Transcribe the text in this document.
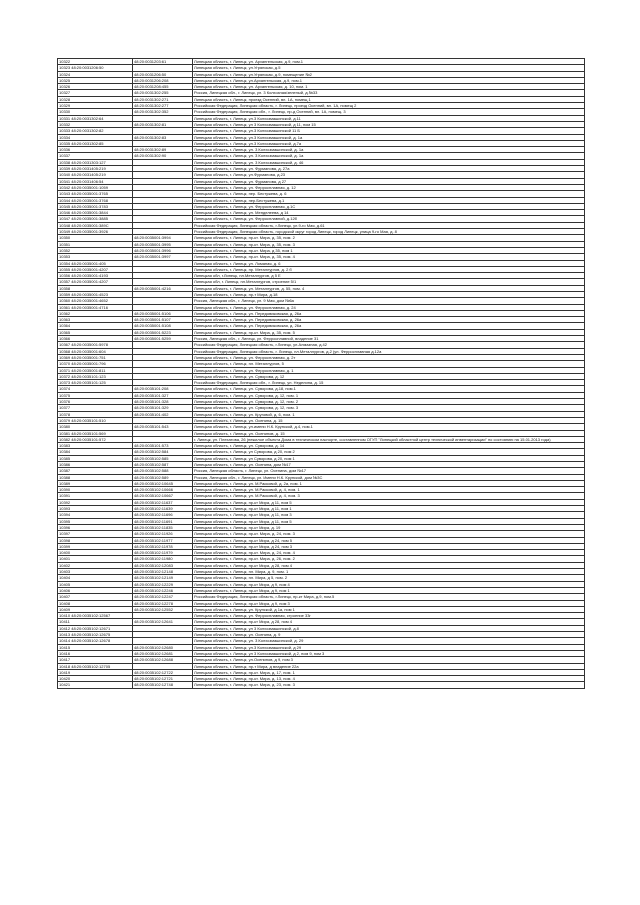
10322	48:20:0031203:61	Липецкая область, г. Липецк, ул. Архангельская, д.9, пом.1
10323 48:20:0031206:50		Липецкая область, г. Липецк, ул.Угрянская, д.5
10324	48:20:0031206:50	Липецкая область, г. Липецк, ул.Угрянская, д.9, помещение №2
10325	48:20:0031206:208	Липецкая область, г. Липецк, ул.Архангельская, д.9, пом.1
10326	48:20:0031208:455	Липецкая область, г. Липецк, ул. Архангельская, д. 10, пом. 1
10327	48:20:0031302:255	Россия, Липецкая обл., г. Липецк, ул. 3 Колхозная/зеленый, д.№33
10328	48:20:0031302:271	Липецкая область, г. Липецк, проезд Осенний, вл. 1А, помещ 1
10329	48:20:0031302:277	Российская Федерация, Липецкая область, г. Липецк, проезд Осенний, вл. 1А, помещ 2
10330	48:20:0031302:352	Российская Федерация, Липецкая обл., г. Липецк, пр-д Осенний, вл. 1А, помещ. 3
10331 48:20:0031302:64		Липецкая область, г. Липецк, ул.3 Колхозмашинской, д.11
10332	48:20:0031302:81	Липецкая область, г. Липецк, ул 3 Колхозмашинской, д 11, пом 15
10333 48:20:0031302:82		Липецкая область, г. Липецк, ул.3 Колхозмашинской 11 Б
10334	48:20:0031302:83	Липецкая область, г. Липецк, ул.3 Колхозмашинской, д. 1а
10335 48:20:0031302:85		Липецкая область, г. Липецк, ул.3 Колхозмашинской, д.7а
10336	48:20:0031302:89	Липецкая область, г. Липецк, ул. 3 Колхозмашинской, д. 1а
10337	48:20:0031302:90	Липецкая область, г. Липецк, ул. 3 Колхозмашинской, д. 1а
10338 48:20:0031303:127		Липецкая область, г. Липецк, ул. 3 Колхозмашинской, д. 46
10339 48:20:0031405:219		Липецкая область, г. Липецк, ул. Фурманова, д. 27а
10340 48:20:0031405:219		Липецкая область, г. Липецк, ул.Фурманова, д.23
10341 48:20:0031406:54		Липецкая область, г. Липецк, ул. Фурманова, д 27
10342 48:20:0035001:1059		Липецкая область, г. Липецк, ул. Ферросплавная, д. 12
10343 48:20:0035001:3765		Липецкая область, г. Липецк, пер. Бестужева, д. 6
10344 48:20:0035001:3768		Липецкая область, г. Липецк, пер.Бестужева, д.1
10345 48:20:0035001:3783		Липецкая область, г. Липецк, ул. Ферросплавная, д.1С
10346 48:20:0035001:3844		Липецкая область, г. Липецк, ул. Менделеева, д 14
10347 48:20:0035001:3885		Липецкая область, г. Липецк, ул. Ферросплавной, д.12б
10348 48:20:0035001:389С		Российская Федерация, Липецкая область, г.Липецк, ул.9-го Мая, д.61
10349 48:20:0035001:3926		Российская Федерация, Липецкая область, городской округ город Липецк, город Липецк, улица 9-го Мая, д. 8
10350	48:20:0035001:3994	Липецкая область, г. Липецк, пр-кт. Мира, д. 35, пом. 2
10351	48:20:0035001:3995	Липецкая область, г. Липецк, пр-кт. Мира, д. 35, пом. 3
10352	48:20:0035001:3996	Липецкая область, г. Липецк, пр-кт. Мира, д 35, пом 1
10353	48:20:0035001:3997	Липецкая область, г. Липецк, пр-кт. Мира, д. 35, пом. 4
10354 48:20:0035001:405		Липецкая область, г. Липецк, ул. Ломаная, д. 6
10355 48:20:0035001:4207		Липецкая область, г. Липецк, пр. Металлургов, д. 2 б
10356 48:20:0035001:4193		Липецкая обл, г.Липецк, пл.Металлургов, д 5 Е
10357 48:20:0035001:4207		Липецкая обл, г. Липецк, пл.Металлургов, строение 5/1
10358	48:20:0035001:4216	Липецкая область, г. Липецк, ул. Металлургов, д. 55, пом. 4
10359 48:20:0035001:4523		Липецкая область, г. Липецк, пр-т Мира, д.18
10360 48:20:0035001:4652		Россия, Липецкая обл., г. Липецк, ул. 9 Мая, дом №6а
10361 48:20:0035001:4716		Липецкая область, г. Липецк, ул. Ферросплавная, д. 24
10362	48:20:0035001:5106	Липецкая область, г. Липецк, ул. Передовиковская, д. 26а
10363	48:20:0035001:5107	Липецкая область, г. Липецк, ул. Передовиковская, д. 26а
10364	48:20:0035001:5108	Липецкая область, г. Липецк, ул. Передовиковская, д. 26а
10365	48:20:0035001:5223	Липецкая область, г. Липецк, пр-кт. Мира, д. 35, пом. 5
10366	48:20:0035001:5259	Россия, Липецкая обл., г. Липецк, ул. Ферросплавной, владение 31
10367 48:20:0035001:5978		Российская Федерация, Липецкая область, г.Липецк, ул.Алмазная, д.42
10368 48:20:0035001:604		Российская Федерация, Липецкая область, г. Липецк, пл.Металлургов, д.2 (ул. Ферросплавная д.12а
10369 48:20:0035001:751		Липецкая область, г. Липецк, ул. Ферросплавная, д. 2т
10370 48:20:0035001:796		Липецкая область, г. Липецк, пл. Металлургов, 5
10371 48:20:0035001:811		Липецкая область, г. Липецк, ул. Ферросплавная, д. 1
10372 48:20:0035101:123		Липецкая область, г. Липецк, ул. Суворова, д. 12
10373 48:20:0035101:125		Российская Федерация, Липецкая обл., г. Липецк, ул. Неделина, д. 15
10374	48:20:0035101:208	Липецкая область, г. Липецк, ул. Суворова, д.18, пом.1
10375	48:20:0035101:327	Липецкая область, г. Липецк, ул. Суворова, д. 12, пом. 1
10376	48:20:0035101:328	Липецкая область, г. Липецк, ул. Суворова, д. 12, пом. 2
10377	48:20:0035101:329	Липецкая область, г. Липецк, ул. Суворова, д. 12, пом. 3
10378	48:20:0035101:402	Липецкая область, г. Липецк, ул. Круговой, д. 6, пом. 1
10379 48:20:0035101:510		Липецкая область, г. Липецк, ул. Осенина, д. 15
10380	48:20:0035101:543	Липецкая область, г. Липецк, ул.имени Н.К. Крупской, д.4, пом.1
10381 48:20:0035101:569		Липецкая область, г. Липецк, ул. Осенинов, д. 15
10382 48:20:0035101:572		г. Липецк, ул. Плехатова, 26 (нежилое объекта Дома в техническом паспорте, составленном ОГУП "Липецкий областной центр технической инвентаризации" по состоянию на 15.01.2013 года)
10383	48:20:0035101:573	Липецкая область, г. Липецк, ул. Суворова, д. 14
10384	48:20:0035102:584	Липецкая область, г. Липецк, ул Суворова, д 20, пом 2
10385	48:20:0035102:585	Липецкая область, г. Липецк, ул Суворова, д 20, пом 1
10386	48:20:0035102:587	Липецкая область, г. Липецк, ул. Осенина, дом №17
10387	48:20:0035102:588	Россия, Липецкая область, г. Липецк, ул. Осенина, дом №17
10388	48:20:0035102:589	Россия, Липецкая обл., г. Липецк, ул. Имени Н.К. Крупской, дом №3С
10389	48:20:0035102:10645	Липецкая область, г. Липецк, ул. М.Расковой, д. 2а, пом. 1
10390	48:20:0035102:10666	Липецкая область, г. Липецк, ул. М.Расковой, д. 4, пом. 1
10391	48:20:0035102:10667	Липецкая область, г. Липецк, ул. М.Расковой, д. 4, пом. 3
10392	48:20:0035102:11637	Липецкая область, г. Липецк, пр-кт Мира, д 11, пом 5
10393	48:20:0035102:11639	Липецкая область, г. Липецк, пр-кт Мира, д 11, пом 1
10394	48:20:0035102:11696	Липецкая область, г. Липецк, пр-кт Мира, д 11, пом 3
10395	48:20:0035102:11691	Липецкая область, г. Липецк, пр-кт Мира, д 11, пом 5
10396	48:20:0035102:11835	Липецкая область, г. Липецк, пр-кт Мира, д. 19
10397	48:20:0035102:11926	Липецкая область, г. Липецк, пр-кт. Мира, д. 24, пом. 3
10398	48:20:0035102:11977	Липецкая область, г. Липецк, пр-кт Мира, д 24, пом 5
10399	48:20:0035102:11978	Липецкая область, г. Липецк, пр-кт Мира, д 24, пом 3
10400	48:20:0035102:11979	Липецкая область, г. Липецк, пр-кт. Мира, д. 24, пом. 4
10401	48:20:0035102:11980	Липецкая область, г. Липецк, пр-кт. Мира, д. 26, пом. 2
10402	48:20:0035102:12083	Липецкая область, г. Липецк, пр-кт Мира, д 28, пом 4
10403	48:20:0035102:12148	Липецкая область, г. Липецк, пл. Мира, д. 9, пом. 1
10404	48:20:0035102:12149	Липецкая область, г. Липецк, пл. Мира, д 5, пом. 2
10405	48:20:0035102:12229	Липецкая область, г. Липецк, пр-кт Мира, д 9, пом 4
10406	48:20:0035102:12246	Липецкая область, г. Липецк, пр-кт Мира, д 9, пом 1
10407	48:20:0035102:12247	Российская Федерация, Липецкая область, г.Липецк, пр-кт Мира, д.9, пом.5
10408	48:20:0035102:12278	Липецкая область, г. Липецк, пр-кт Мира, д 9, пом 3
10409	48:20:0035102:12552	Липецкая область, г. Липецк, ул. Крупской, д 1а, пом 1
10410 48:20:0035102:12567		Липецкая область, г. Липецк, ул. Ферросплавная, строение 33г
10411	48:20:0035102:12641	Липецкая область, г. Липецк, пр-кт Мира, д 28, пом 4
10412 48:20:0035102:12671		Липецкая область, г. Липецк, ул 3 Колхозмашинской, д.8
10413 48:20:0035102:12675		Липецкая область, г. Липецк, ул. Осенина, д. 9
10414 48:20:0035102:12678		Липецкая область, г. Липецк, ул. 3 Колхозмашинской, д. 29
10415	48:20:0035102:12680	Липецкая область, г. Липецк, ул.3 Колхозмашинской, д 29
10416	48:20:0035102:12681	Липецкая область, г. Липецк, ул 3 Колхозмашинской, д 2, пом 9, пом 3
10417	48:20:0035102:12688	Липецкая область, г. Липецк, ул.Осенинов, д 9, пом 3
10418 48:20:0035102:12705		Липецкая область, г. Липецк, пр-т Мира, д владение 22а
10419	48:20:0035102:12722	Липецкая область, г. Липецк, пр-кт. Мира, д. 17, пом. 1
10420	48:20:0035102:12721	Липецкая область, г. Липецк, пр-кт. Мира, д. 13, пом. 4
10421	48:20:0035102:12748	Липецкая область, г. Липецк, пр-кт. Мира, д. 23, пом. 3
